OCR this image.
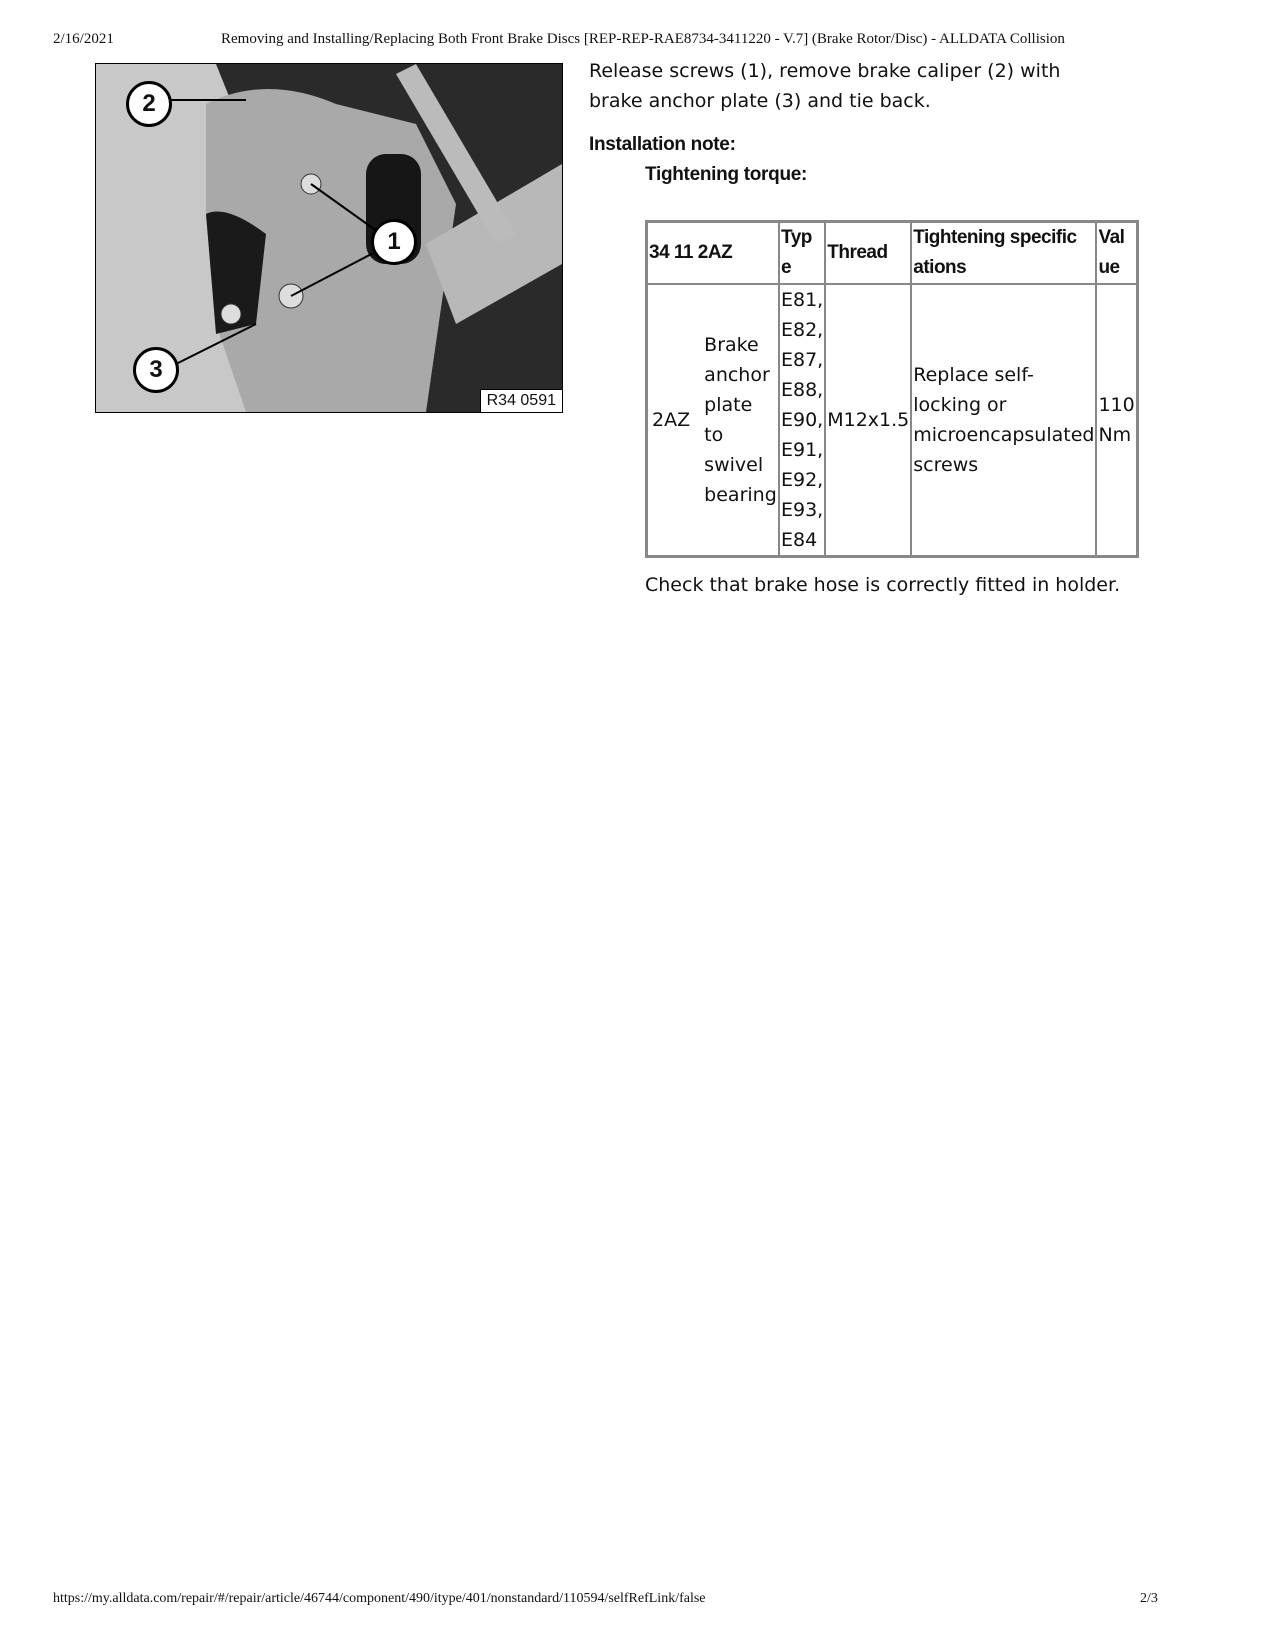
2/16/2021	Removing and Installing/Replacing Both Front Brake Discs [REP-REP-RAE8734-3411220 - V.7] (Brake Rotor/Disc) - ALLDATA Collision
2
1
3
R34 0591
Release screws (1), remove brake caliper (2) with brake anchor plate (3) and tie back.
Installation note:
Tightening torque:
34 11 2AZ		Typ e	Thread	Tightening specific ations	Val ue
2AZ	Brake anchor plate to swivel bearing	E81, E82, E87, E88, E90, E91, E92, E93, E84	M12x1.5	Replace self-locking or microencapsulated screws	110 Nm
Check that brake hose is correctly fitted in holder.
https://my.alldata.com/repair/#/repair/article/46744/component/490/itype/401/nonstandard/110594/selfRefLink/false	2/3
